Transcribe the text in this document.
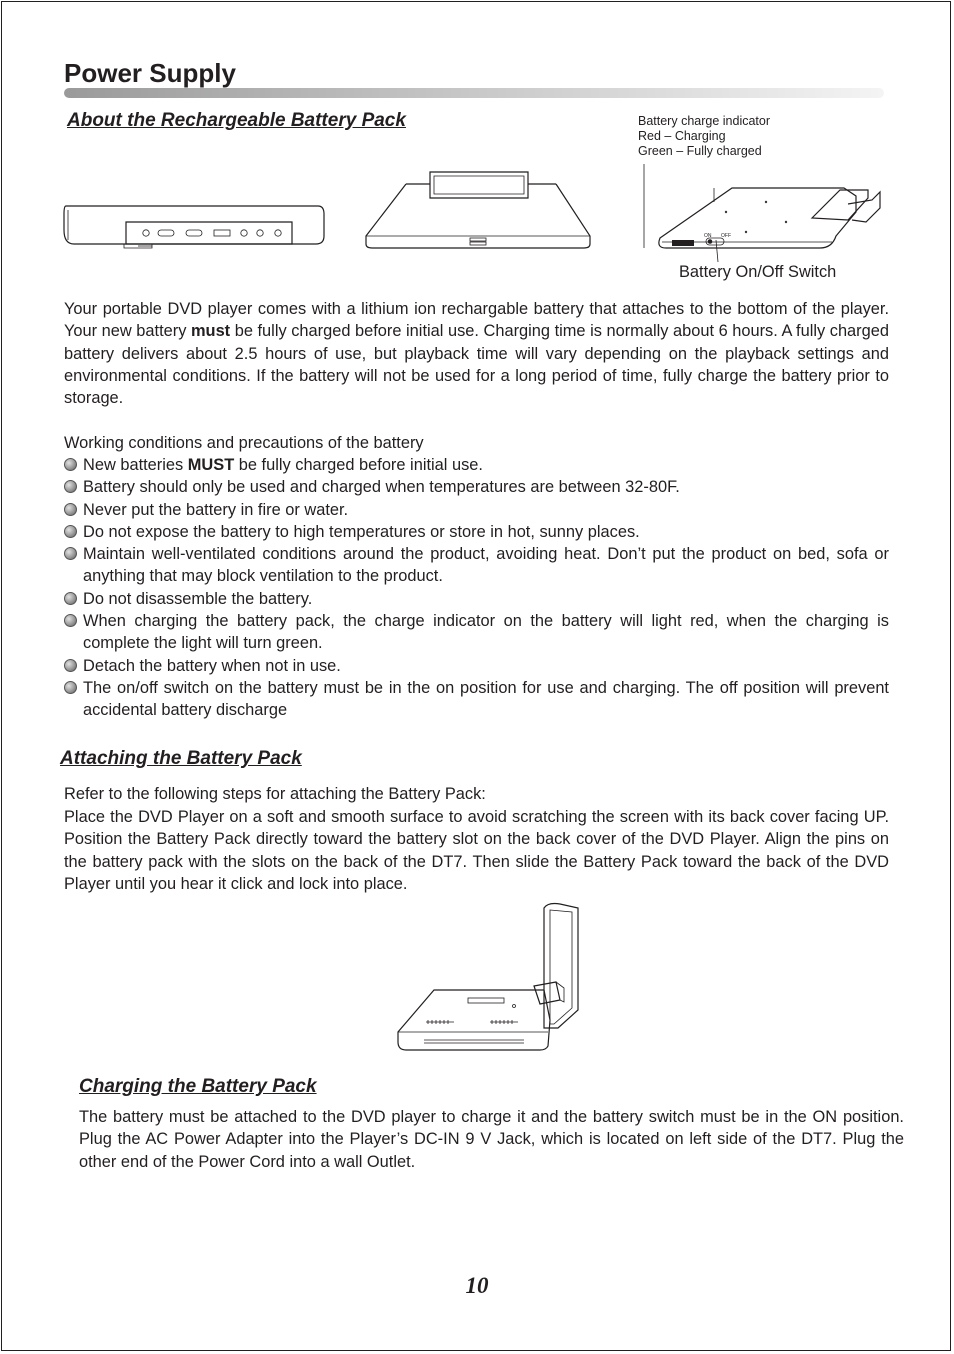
Power Supply
About the Rechargeable Battery Pack	Battery charge indicator
Red – Charging
Green – Fully charged
ON OFF
Battery On/Off Switch

Your portable DVD player comes with a lithium ion rechargable battery that attaches to the bottom of the player. Your new battery must be fully charged before initial use. Charging time is normally about 6 hours. A fully charged battery delivers about 2.5 hours of use, but playback time will vary depending on the playback settings and environmental conditions. If the battery will not be used for a long period of time, fully charge the battery prior to storage.

Working conditions and precautions of the battery
New batteries MUST be fully charged before initial use.
Battery should only be used and charged when temperatures are between 32-80F.
Never put the battery in fire or water.
Do not expose the battery to high temperatures or store in hot, sunny places.
Maintain well-ventilated conditions around the product, avoiding heat. Don’t put the product on bed, sofa or anything that may block ventilation to the product.
Do not disassemble the battery.
When charging the battery pack, the charge indicator on the battery will light red, when the charging is complete the light will turn green.
Detach the battery when not in use.
The on/off switch on the battery must be in the on position for use and charging. The off position will prevent accidental battery discharge
Attaching the Battery Pack
Refer to the following steps for attaching the Battery Pack:

Place the DVD Player on a soft and smooth surface to avoid scratching the screen with its back cover facing UP. Position the Battery Pack directly toward the battery slot on the back cover of the DVD Player. Align the pins on the battery pack with the slots on the back of the DT7. Then slide the Battery Pack toward the back of the DVD Player until you hear it click and lock into place.

Charging the Battery Pack

The battery must be attached to the DVD player to charge it and the battery switch must be in the ON position. Plug the AC Power Adapter into the Player’s DC-IN 9 V Jack, which is located on left side of the DT7. Plug the other end of the Power Cord into a wall Outlet.

10
